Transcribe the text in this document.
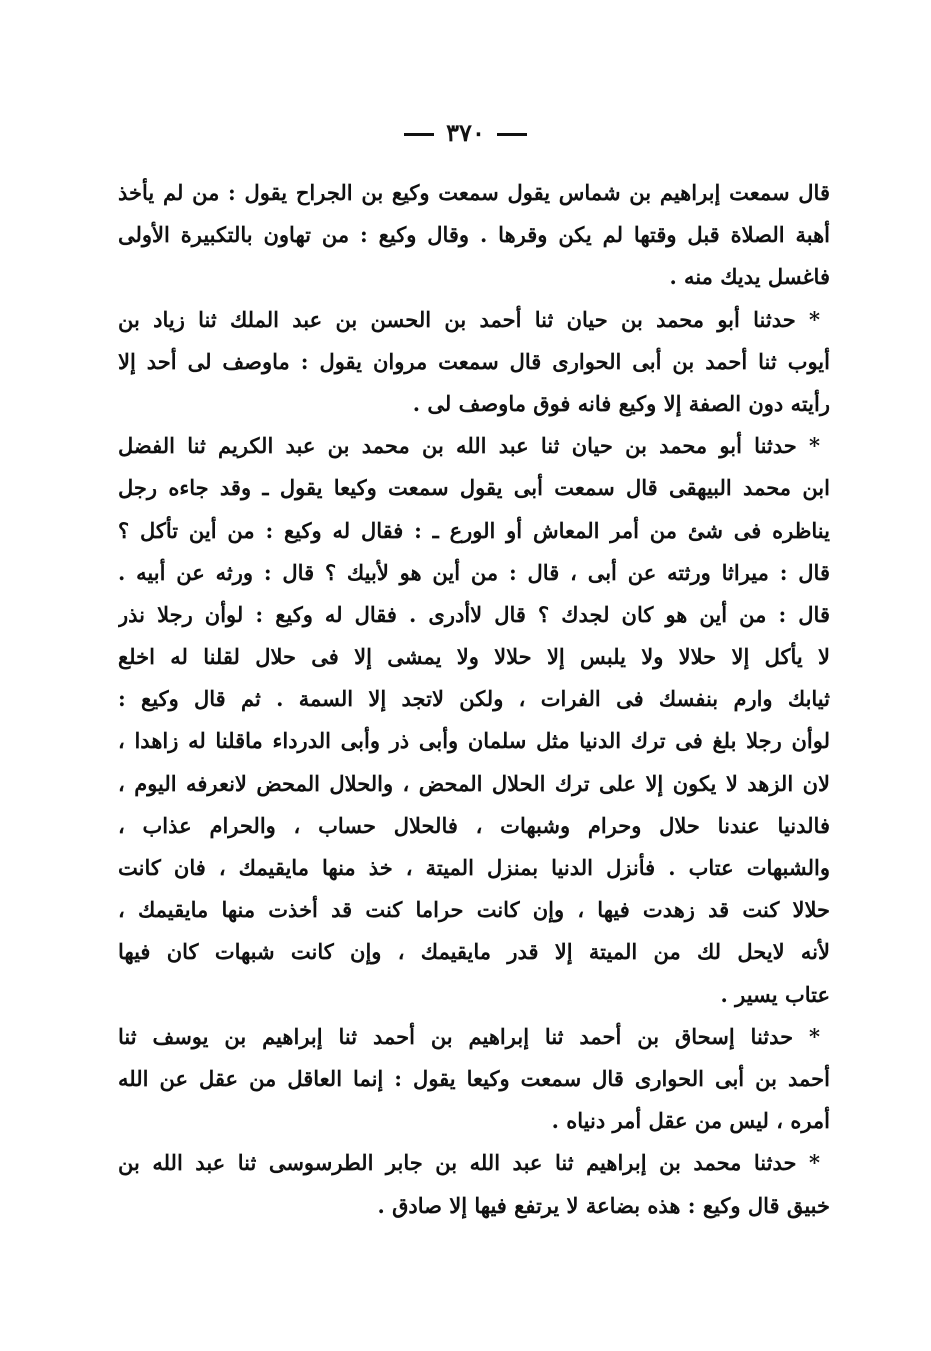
٣٧٠
قال سمعت إبراهيم بن شماس يقول سمعت وكيع بن الجراح يقول : من لم يأخذ
أهبة الصلاة قبل وقتها لم يكن وقرها . وقال وكيع : من تهاون بالتكبيرة الأولى
فاغسل يديك منه .
* حدثنا أبو محمد بن حيان ثنا أحمد بن الحسن بن عبد الملك ثنا زياد بن
أيوب ثنا أحمد بن أبى الحوارى قال سمعت مروان يقول : ماوصف لى أحد إلا
رأيته دون الصفة إلا وكيع فانه فوق ماوصف لى .
* حدثنا أبو محمد بن حيان ثنا عبد الله بن محمد بن عبد الكريم ثنا الفضل
ابن محمد البيهقى قال سمعت أبى يقول سمعت وكيعا يقول ـ وقد جاءه رجل
يناظره فى شئ من أمر المعاش أو الورع ـ : فقال له وكيع : من أين تأكل ؟
قال : ميراثا ورثته عن أبى ، قال : من أين هو لأبيك ؟ قال : ورثه عن أبيه .
قال : من أين هو كان لجدك ؟ قال لاأدرى . فقال له وكيع : لوأن رجلا نذر
لا يأكل إلا حلالا ولا يلبس إلا حلالا ولا يمشى إلا فى حلال لقلنا له اخلع
ثيابك وارم بنفسك فى الفرات ، ولكن لاتجد إلا السمة . ثم قال وكيع :
لوأن رجلا بلغ فى ترك الدنيا مثل سلمان وأبى ذر وأبى الدرداء ماقلنا له زاهدا ،
لان الزهد لا يكون إلا على ترك الحلال المحض ، والحلال المحض لانعرفه اليوم ،
فالدنيا عندنا حلال وحرام وشبهات ، فالحلال حساب ، والحرام عذاب ،
والشبهات عتاب . فأنزل الدنيا بمنزل الميتة ، خذ منها مايقيمك ، فان كانت
حلالا كنت قد زهدت فيها ، وإن كانت حراما كنت قد أخذت منها مايقيمك ،
لأنه لايحل لك من الميتة إلا قدر مايقيمك ، وإن كانت شبهات كان فيها
عتاب يسير .
* حدثنا إسحاق بن أحمد ثنا إبراهيم بن أحمد ثنا إبراهيم بن يوسف ثنا
أحمد بن أبى الحوارى قال سمعت وكيعا يقول : إنما العاقل من عقل عن الله
أمره ، ليس من عقل أمر دنياه .
* حدثنا محمد بن إبراهيم ثنا عبد الله بن جابر الطرسوسى ثنا عبد الله بن
خبيق قال وكيع : هذه بضاعة لا يرتفع فيها إلا صادق .
